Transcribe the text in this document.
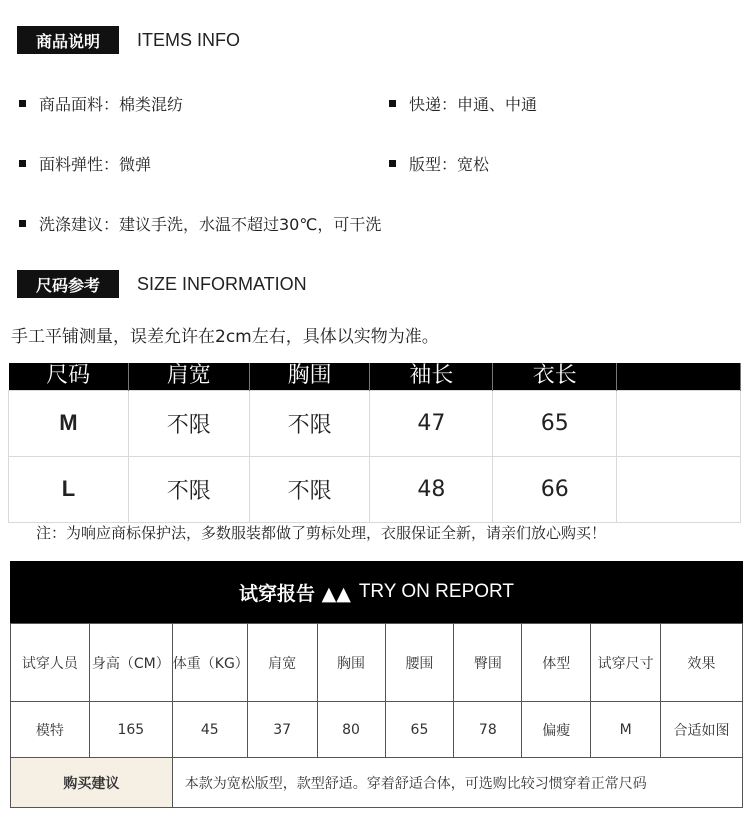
商品说明	ITEMS INFO
商品面料：棉类混纺	快递：申通、中通
面料弹性：微弹	版型：宽松
洗涤建议：建议手洗，水温不超过30℃，可干洗
尺码参考	SIZE INFORMATION
手工平铺测量，误差允许在2cm左右，具体以实物为准。
尺码	肩宽	胸围	袖长	衣长	
M	不限	不限	47	65	
L	不限	不限	48	66	
注：为响应商标保护法，多数服装都做了剪标处理，衣服保证全新，请亲们放心购买！
试穿报告 ▲▲ TRY ON REPORT
试穿人员	身高（CM）	体重（KG）	肩宽	胸围	腰围	臀围	体型	试穿尺寸	效果
模特	165	45	37	80	65	78	偏瘦	M	合适如图
购买建议		本款为宽松版型，款型舒适。穿着舒适合体，可选购比较习惯穿着正常尺码							
